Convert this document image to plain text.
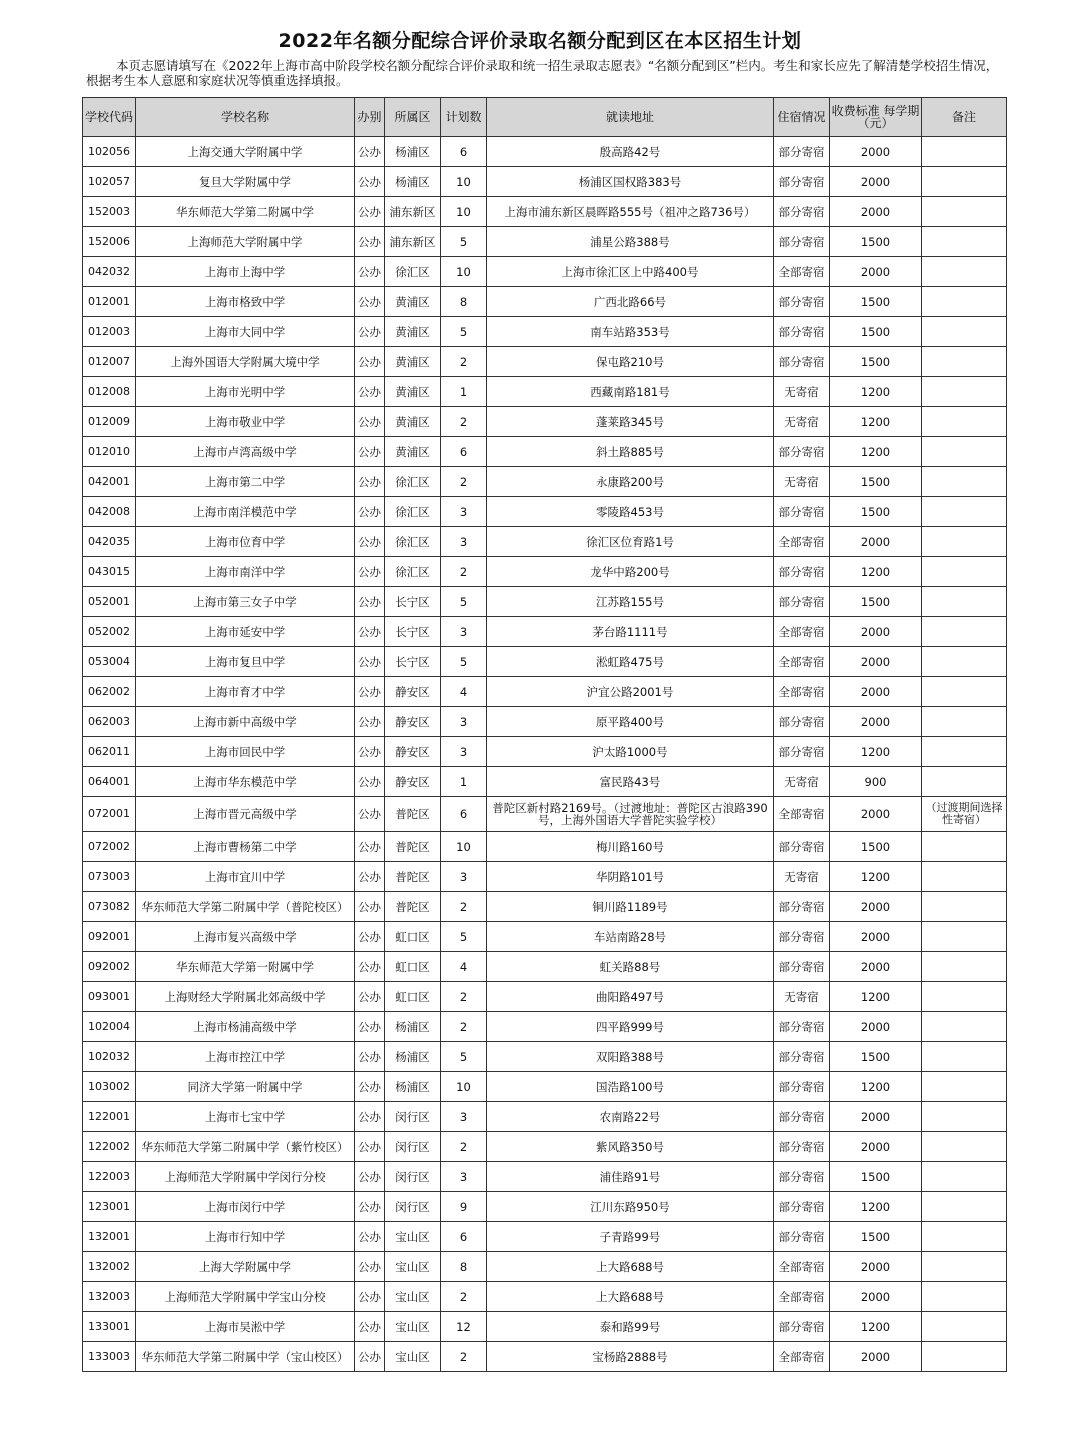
2022年名额分配综合评价录取名额分配到区在本区招生计划
本页志愿请填写在《2022年上海市高中阶段学校名额分配综合评价录取和统一招生录取志愿表》“名额分配到区”栏内。考生和家长应先了解清楚学校招生情况，根据考生本人意愿和家庭状况等慎重选择填报。
学校代码	学校名称	办别	所属区	计划数	就读地址	住宿情况	收费标准 每学期（元）	备注
102056	上海交通大学附属中学	公办	杨浦区	6	殷高路42号	部分寄宿	2000	
102057	复旦大学附属中学	公办	杨浦区	10	杨浦区国权路383号	部分寄宿	2000	
152003	华东师范大学第二附属中学	公办	浦东新区	10	上海市浦东新区晨晖路555号（祖冲之路736号）	部分寄宿	2000	
152006	上海师范大学附属中学	公办	浦东新区	5	浦星公路388号	部分寄宿	1500	
042032	上海市上海中学	公办	徐汇区	10	上海市徐汇区上中路400号	全部寄宿	2000	
012001	上海市格致中学	公办	黄浦区	8	广西北路66号	部分寄宿	1500	
012003	上海市大同中学	公办	黄浦区	5	南车站路353号	部分寄宿	1500	
012007	上海外国语大学附属大境中学	公办	黄浦区	2	保屯路210号	部分寄宿	1500	
012008	上海市光明中学	公办	黄浦区	1	西藏南路181号	无寄宿	1200	
012009	上海市敬业中学	公办	黄浦区	2	蓬莱路345号	无寄宿	1200	
012010	上海市卢湾高级中学	公办	黄浦区	6	斜土路885号	部分寄宿	1200	
042001	上海市第二中学	公办	徐汇区	2	永康路200号	无寄宿	1500	
042008	上海市南洋模范中学	公办	徐汇区	3	零陵路453号	部分寄宿	1500	
042035	上海市位育中学	公办	徐汇区	3	徐汇区位育路1号	全部寄宿	2000	
043015	上海市南洋中学	公办	徐汇区	2	龙华中路200号	部分寄宿	1200	
052001	上海市第三女子中学	公办	长宁区	5	江苏路155号	部分寄宿	1500	
052002	上海市延安中学	公办	长宁区	3	茅台路1111号	全部寄宿	2000	
053004	上海市复旦中学	公办	长宁区	5	淞虹路475号	全部寄宿	2000	
062002	上海市育才中学	公办	静安区	4	沪宜公路2001号	全部寄宿	2000	
062003	上海市新中高级中学	公办	静安区	3	原平路400号	部分寄宿	2000	
062011	上海市回民中学	公办	静安区	3	沪太路1000号	部分寄宿	1200	
064001	上海市华东模范中学	公办	静安区	1	富民路43号	无寄宿	900	
072001	上海市晋元高级中学	公办	普陀区	6	普陀区新村路2169号。（过渡地址：普陀区古浪路390号，上海外国语大学普陀实验学校）	全部寄宿	2000	（过渡期间选择性寄宿）
072002	上海市曹杨第二中学	公办	普陀区	10	梅川路160号	部分寄宿	1500	
073003	上海市宜川中学	公办	普陀区	3	华阴路101号	无寄宿	1200	
073082	华东师范大学第二附属中学（普陀校区）	公办	普陀区	2	铜川路1189号	部分寄宿	2000	
092001	上海市复兴高级中学	公办	虹口区	5	车站南路28号	部分寄宿	2000	
092002	华东师范大学第一附属中学	公办	虹口区	4	虹关路88号	部分寄宿	2000	
093001	上海财经大学附属北郊高级中学	公办	虹口区	2	曲阳路497号	无寄宿	1200	
102004	上海市杨浦高级中学	公办	杨浦区	2	四平路999号	部分寄宿	2000	
102032	上海市控江中学	公办	杨浦区	5	双阳路388号	部分寄宿	1500	
103002	同济大学第一附属中学	公办	杨浦区	10	国浩路100号	部分寄宿	1200	
122001	上海市七宝中学	公办	闵行区	3	农南路22号	部分寄宿	2000	
122002	华东师范大学第二附属中学（紫竹校区）	公办	闵行区	2	紫风路350号	部分寄宿	2000	
122003	上海师范大学附属中学闵行分校	公办	闵行区	3	浦佳路91号	部分寄宿	1500	
123001	上海市闵行中学	公办	闵行区	9	江川东路950号	部分寄宿	1200	
132001	上海市行知中学	公办	宝山区	6	子青路99号	部分寄宿	1500	
132002	上海大学附属中学	公办	宝山区	8	上大路688号	全部寄宿	2000	
132003	上海师范大学附属中学宝山分校	公办	宝山区	2	上大路688号	全部寄宿	2000	
133001	上海市吴淞中学	公办	宝山区	12	泰和路99号	部分寄宿	1200	
133003	华东师范大学第二附属中学（宝山校区）	公办	宝山区	2	宝杨路2888号	全部寄宿	2000	
